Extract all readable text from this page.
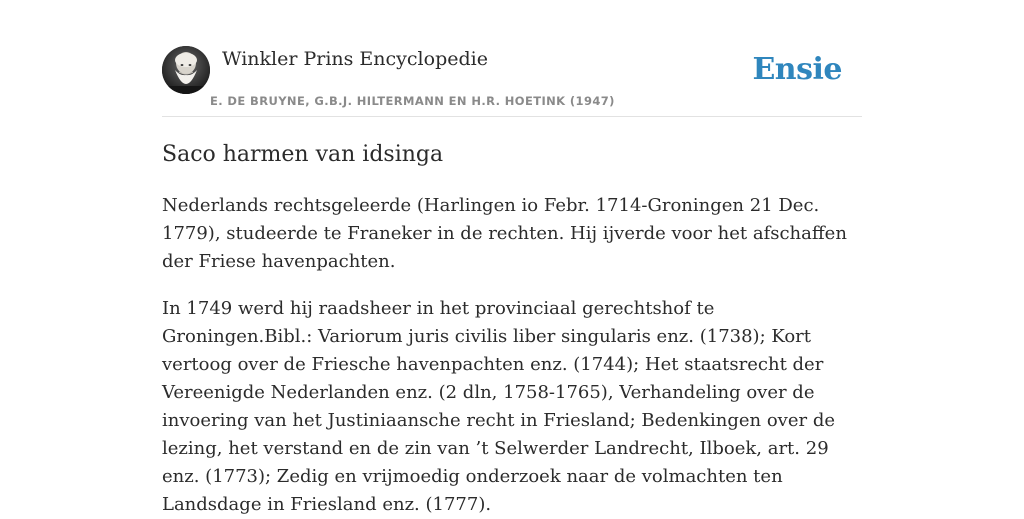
Winkler Prins Encyclopedie
E. DE BRUYNE, G.B.J. HILTERMANN EN H.R. HOETINK (1947)
Ensie
Saco harmen van idsinga

Nederlands rechtsgeleerde (Harlingen io Febr. 1714-Groningen 21 Dec. 1779), studeerde te Franeker in de rechten. Hij ijverde voor het afschaffen der Friese havenpachten.

In 1749 werd hij raadsheer in het provinciaal gerechtshof te Groningen.Bibl.: Variorum juris civilis liber singularis enz. (1738); Kort vertoog over de Friesche havenpachten enz. (1744); Het staatsrecht der Vereenigde Nederlanden enz. (2 dln, 1758-1765), Verhandeling over de invoering van het Justiniaansche recht in Friesland; Bedenkingen over de lezing, het verstand en de zin van ’t Selwerder Landrecht, Ilboek, art. 29 enz. (1773); Zedig en vrijmoedig onderzoek naar de volmachten ten Landsdage in Friesland enz. (1777).
